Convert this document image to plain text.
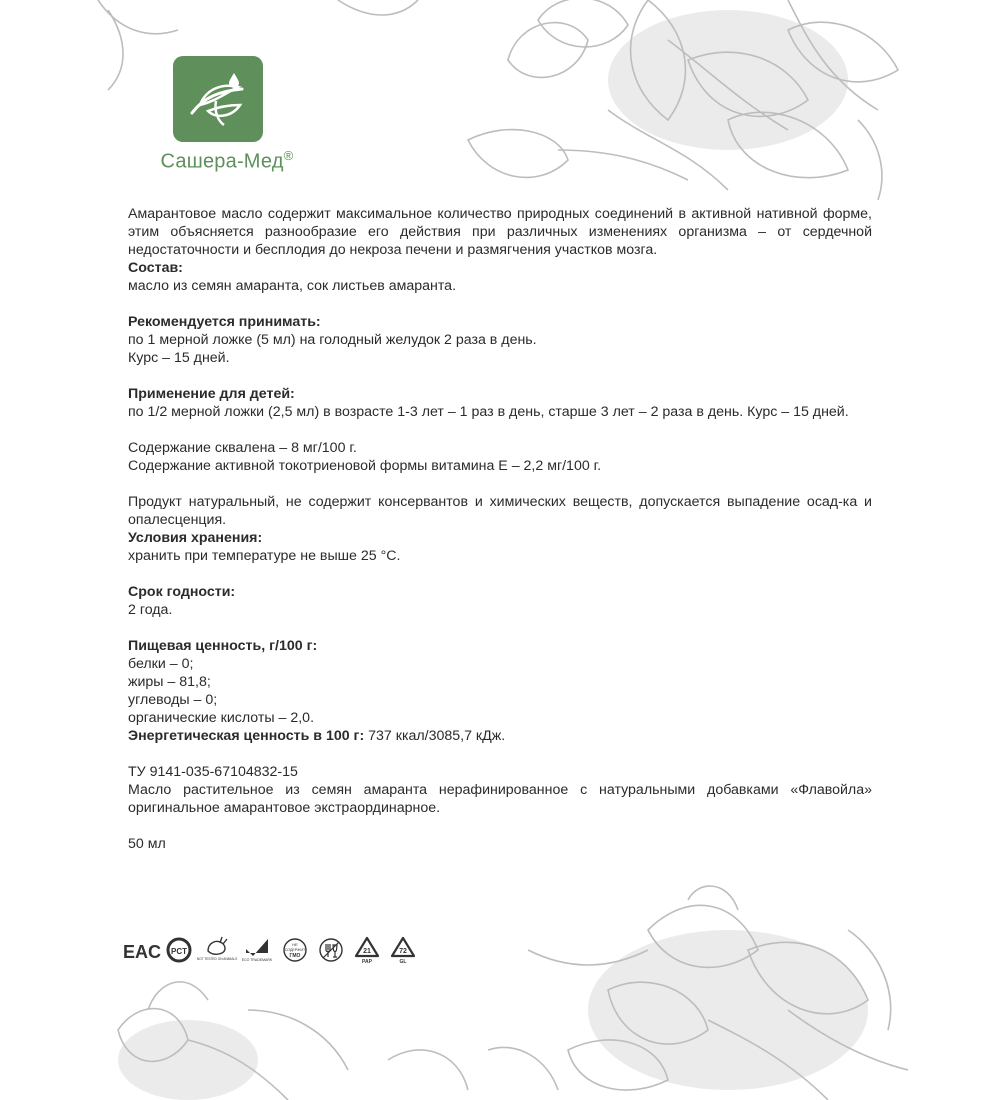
Сашера-Мед®

Амарантовое масло содержит максимальное количество природных соединений в активной нативной форме, этим объясняется разнообразие его действия при различных изменениях организма – от сердечной недостаточности и бесплодия до некроза печени и размягчения участков мозга.

Состав:

масло из семян амаранта, сок листьев амаранта.

Рекомендуется принимать:

по 1 мерной ложке (5 мл) на голодный желудок 2 раза в день.

Курс – 15 дней.

Применение для детей:

по 1/2 мерной ложки (2,5 мл) в возрасте 1-3 лет – 1 раз в день, старше 3 лет – 2 раза в день. Курс – 15 дней.

Содержание сквалена – 8 мг/100 г.

Содержание активной токотриеновой формы витамина Е – 2,2 мг/100 г.

Продукт натуральный, не содержит консервантов и химических веществ, допускается выпадение осад-ка и опалесценция.

Условия хранения:

хранить при температуре не выше 25 °С.

Срок годности:

2 года.

Пищевая ценность, г/100 г:

белки – 0;

жиры – 81,8;

углеводы – 0;

органические кислоты – 2,0.

Энергетическая ценность в 100 г: 737 ккал/3085,7 кДж.

ТУ 9141-035-67104832-15

Масло растительное из семян амаранта нерафинированное с натуральными добавками «Флавойла» оригинальное амарантовое экстраординарное.

50 мл

EAC PCT
NOT TESTED ON ANIMALS ECO TRADEMARK
НЕ
СОДЕРЖИТ
ГМО
21
PAP
72
GL
